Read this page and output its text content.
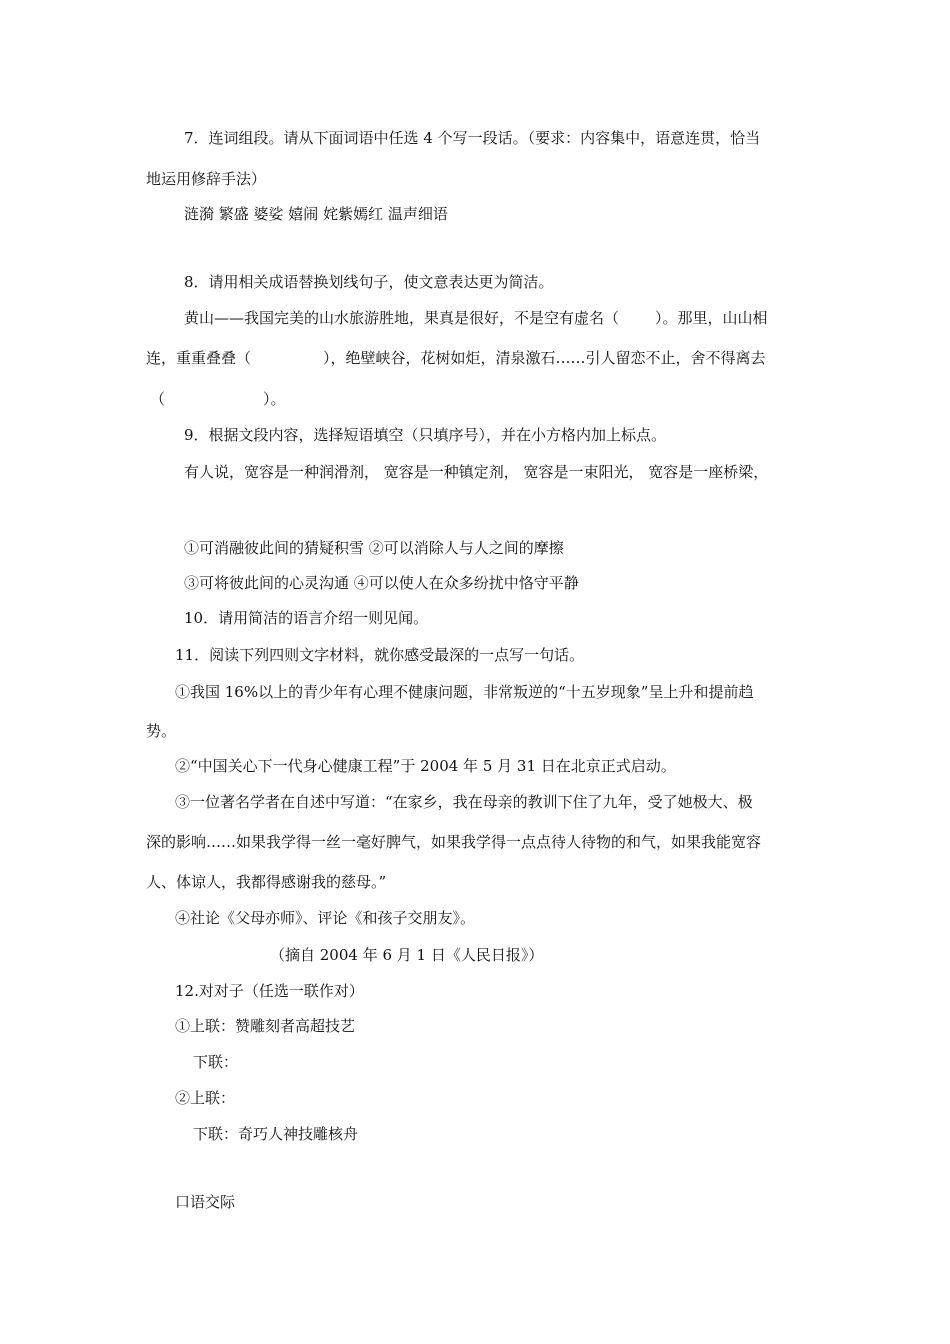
7．连词组段。请从下面词语中任选 4 个写一段话。（要求：内容集中，语意连贯，恰当
地运用修辞手法）
涟漪 繁盛 婆娑 嬉闹 姹紫嫣红 温声细语
8．请用相关成语替换划线句子，使文意表达更为简洁。
黄山——我国完美的山水旅游胜地，果真是很好，不是空有虚名（ ）。那里，山山相
连，重重叠叠（	），绝壁峡谷，花树如炬，清泉激石……引人留恋不止，舍不得离去
（	）。
9．根据文段内容，选择短语填空（只填序号），并在小方格内加上标点。
有人说，宽容是一种润滑剂， 宽容是一种镇定剂， 宽容是一束阳光， 宽容是一座桥梁，
①可消融彼此间的猜疑积雪 ②可以消除人与人之间的摩擦
③可将彼此间的心灵沟通 ④可以使人在众多纷扰中恪守平静
10．请用简洁的语言介绍一则见闻。
11．阅读下列四则文字材料，就你感受最深的一点写一句话。
①我国 16%以上的青少年有心理不健康问题，非常叛逆的“十五岁现象”呈上升和提前趋
势。
②“中国关心下一代身心健康工程”于 2004 年 5 月 31 日在北京正式启动。
③一位著名学者在自述中写道：“在家乡，我在母亲的教训下住了九年，受了她极大、极
深的影响……如果我学得一丝一毫好脾气，如果我学得一点点待人待物的和气，如果我能宽容
人、体谅人，我都得感谢我的慈母。”
④社论《父母亦师》、评论《和孩子交朋友》。
（摘自 2004 年 6 月 1 日《人民日报》）
12.对对子（任选一联作对）
①上联：赞雕刻者高超技艺
下联：
②上联：
下联：奇巧人神技雕核舟
口语交际
